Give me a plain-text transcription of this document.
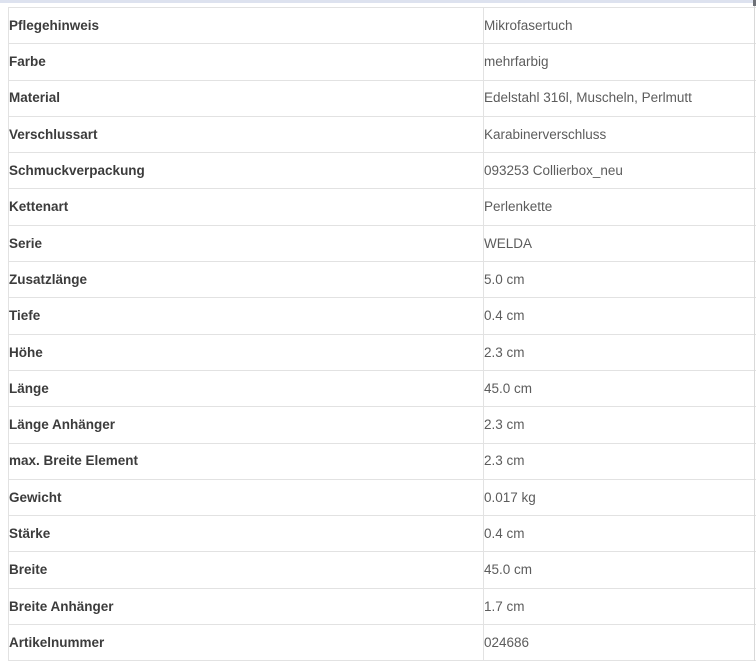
Pflegehinweis	Mikrofasertuch
Farbe	mehrfarbig
Material	Edelstahl 316l, Muscheln, Perlmutt
Verschlussart	Karabinerverschluss
Schmuckverpackung	093253 Collierbox_neu
Kettenart	Perlenkette
Serie	WELDA
Zusatzlänge	5.0 cm
Tiefe	0.4 cm
Höhe	2.3 cm
Länge	45.0 cm
Länge Anhänger	2.3 cm
max. Breite Element	2.3 cm
Gewicht	0.017 kg
Stärke	0.4 cm
Breite	45.0 cm
Breite Anhänger	1.7 cm
Artikelnummer	024686
